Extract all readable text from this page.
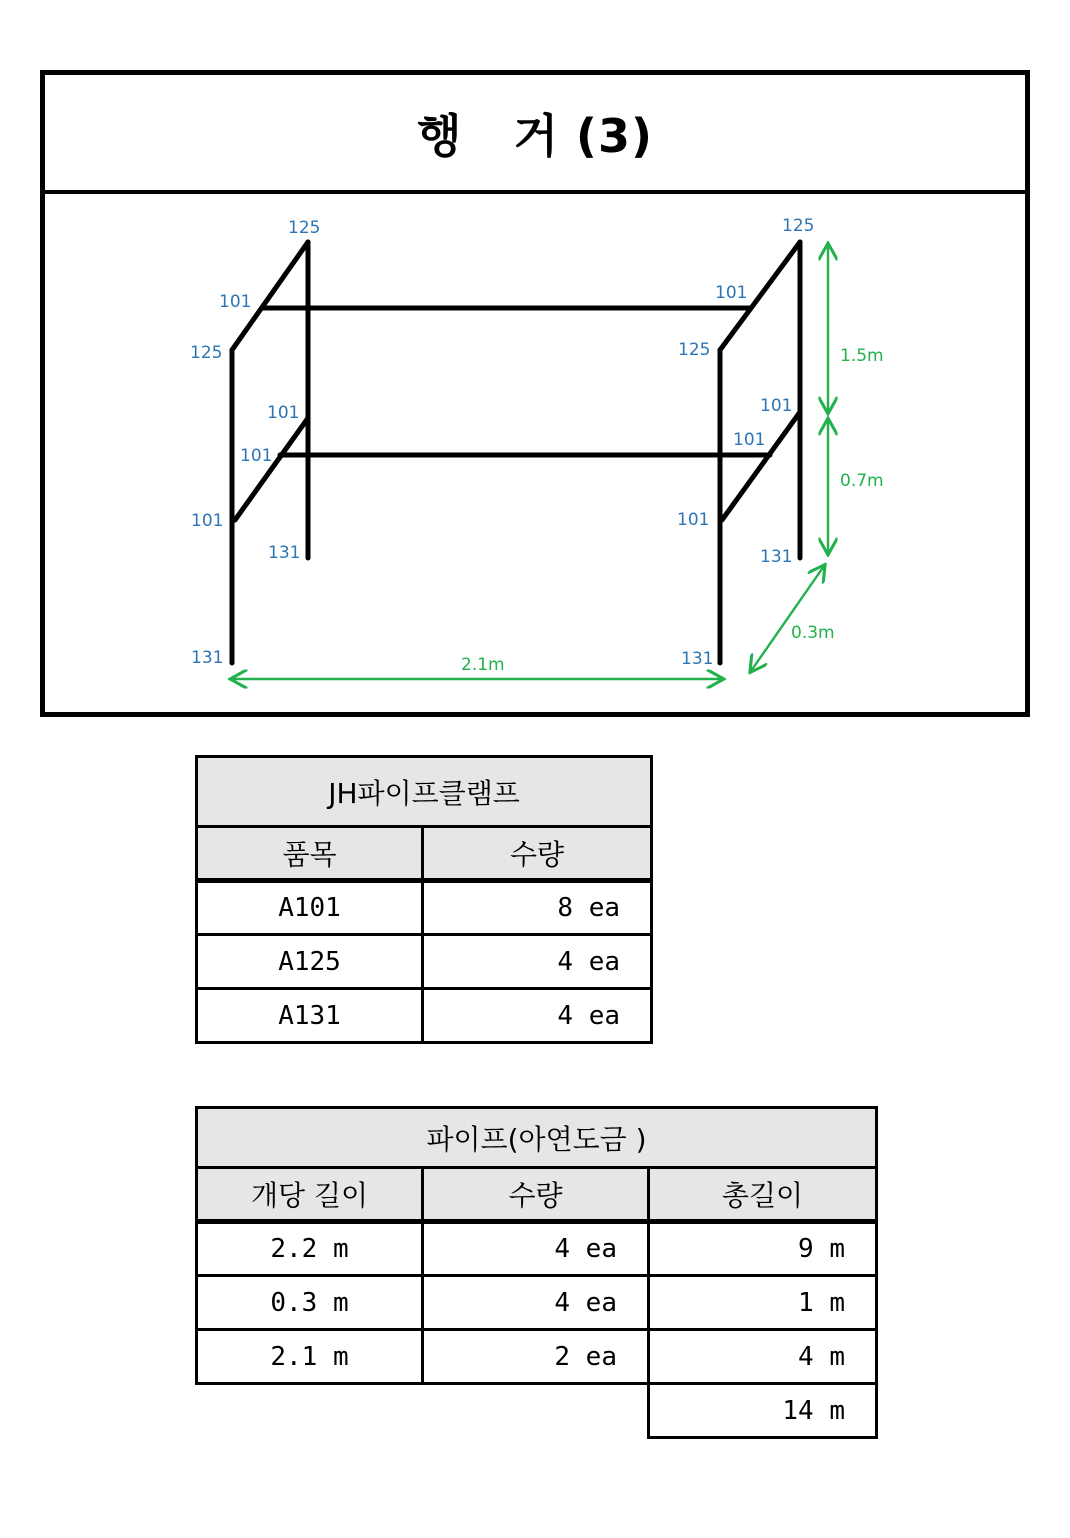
행   거 (3)
125
101
125
101
101
101
131
131
125
101
125
101
101
101
131
131
1.5m
0.7m
0.3m
2.1m
JH파이프클램프	
품목	수량
A101	8 ea
A125	4 ea
A131	4 ea
파이프(아연도금 )		
개당 길이	수량	총길이
2.2 m	4 ea	9 m
0.3 m	4 ea	1 m
2.1 m	2 ea	4 m
		14 m
